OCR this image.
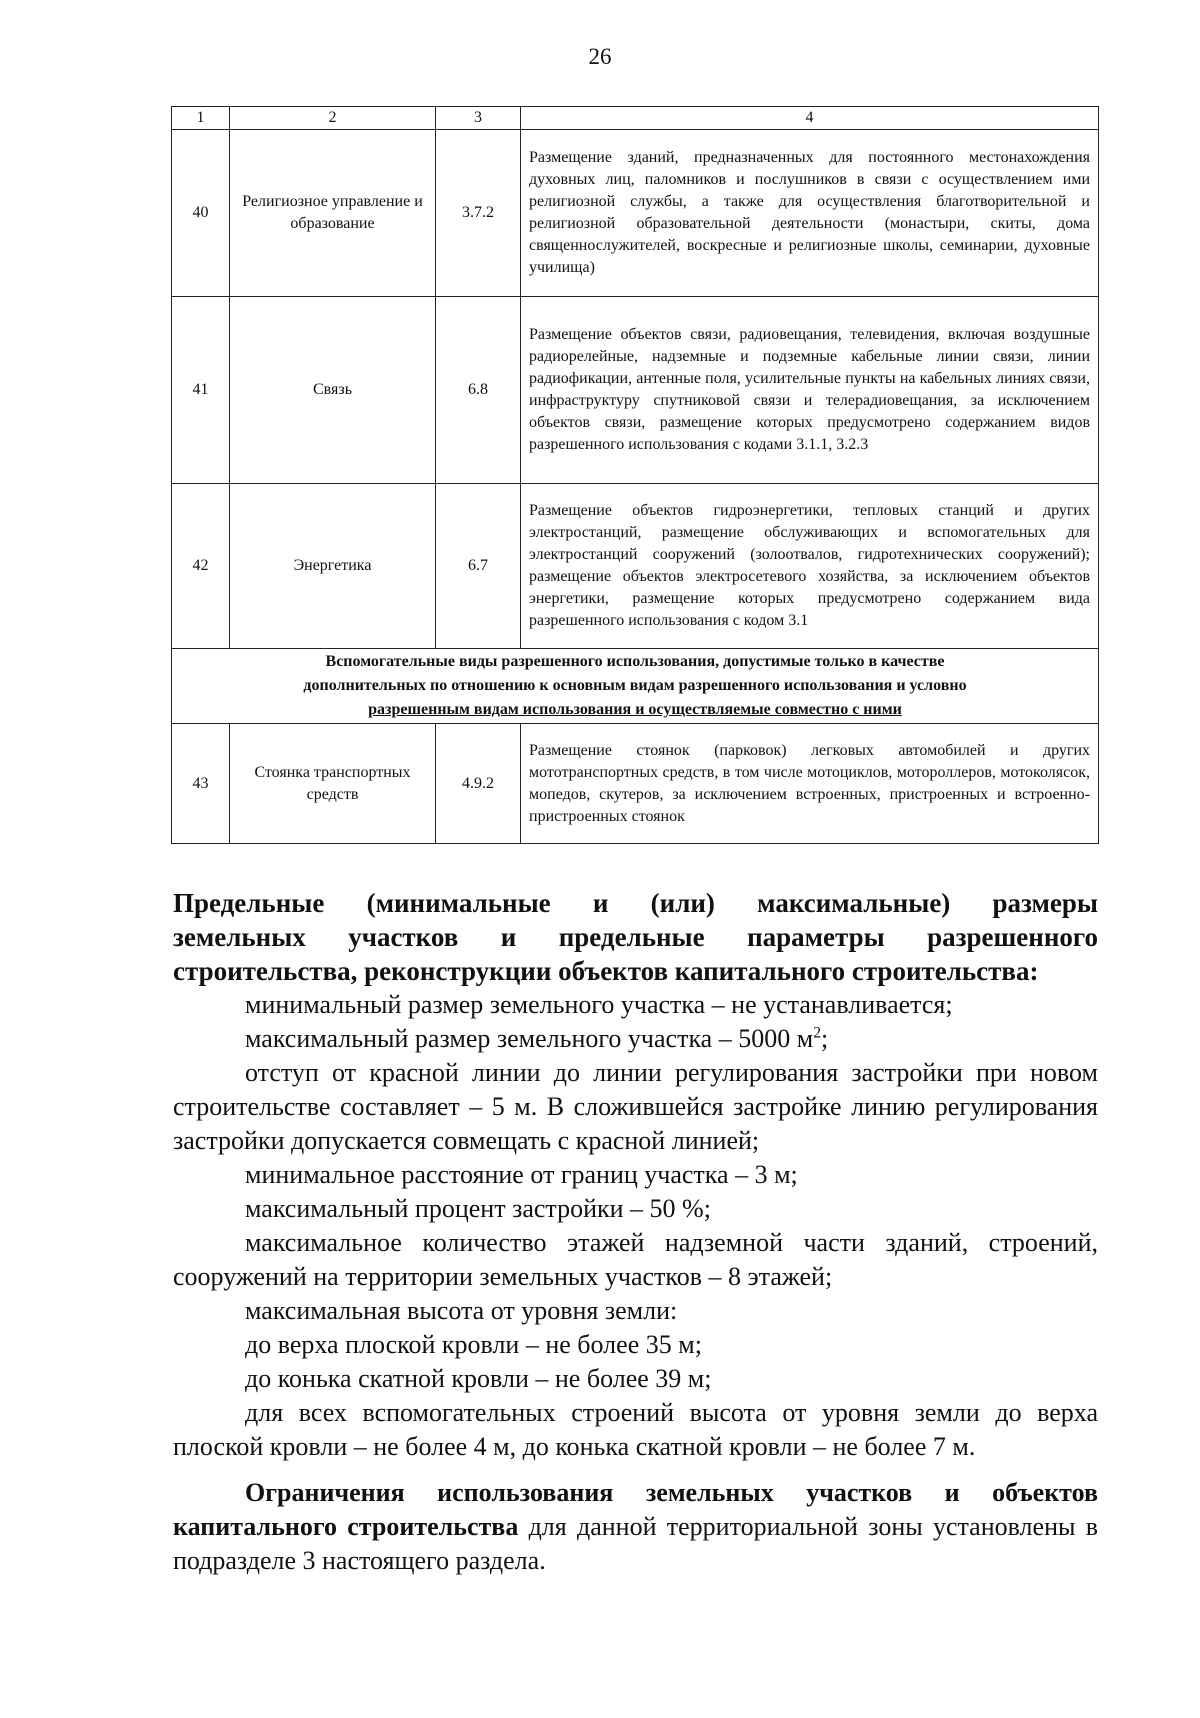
26
1	2	3	4
40	Религиозное управление и образование	3.7.2	Размещение зданий, предназначенных для постоянного местонахождения духовных лиц, паломников и послушников в связи с осуществлением ими религиозной службы, а также для осуществления благотворительной и религиозной образовательной деятельности (монастыри, скиты, дома священнослужителей, воскресные и религиозные школы, семинарии, духовные училища)
41	Связь	6.8	Размещение объектов связи, радиовещания, телевидения, включая воздушные радиорелейные, надземные и подземные кабельные линии связи, линии радиофикации, антенные поля, усилительные пункты на кабельных линиях связи, инфраструктуру спутниковой связи и телерадиовещания, за исключением объектов связи, размещение которых предусмотрено содержанием видов разрешенного использования с кодами 3.1.1, 3.2.3
42	Энергетика	6.7	Размещение объектов гидроэнергетики, тепловых станций и других электростанций, размещение обслуживающих и вспомогательных для электростанций сооружений (золоотвалов, гидротехнических сооружений); размещение объектов электросетевого хозяйства, за исключением объектов энергетики, размещение которых предусмотрено содержанием вида разрешенного использования с кодом 3.1

Вспомогательные виды разрешенного использования, допустимые только в качестве
дополнительных по отношению к основным видам разрешенного использования и условно
разрешенным видам использования и осуществляемые совместно с ними			

43	Стоянка транспортных средств	4.9.2	Размещение стоянок (парковок) легковых автомобилей и других мототранспортных средств, в том числе мотоциклов, мотороллеров, мотоколясок, мопедов, скутеров, за исключением встроенных, пристроенных и встроенно-пристроенных стоянок
Предельные (минимальные и (или) максимальные) размеры
земельных участков и предельные параметры разрешенного
строительства, реконструкции объектов капитального строительства:

минимальный размер земельного участка – не устанавливается;

максимальный размер земельного участка – 5000 $м^2$;

отступ от красной линии до линии регулирования застройки при новом строительстве составляет – 5 м. В сложившейся застройке линию регулирования застройки допускается совмещать с красной линией;

минимальное расстояние от границ участка – 3 м;

максимальный процент застройки – 50 %;

максимальное количество этажей надземной части зданий, строений, сооружений на территории земельных участков – 8 этажей;

максимальная высота от уровня земли:

до верха плоской кровли – не более 35 м;

до конька скатной кровли – не более 39 м;

для всех вспомогательных строений высота от уровня земли до верха плоской кровли – не более 4 м, до конька скатной кровли – не более 7 м.

Ограничения использования земельных участков и объектов капитального строительства для данной территориальной зоны установлены в подразделе 3 настоящего раздела.
